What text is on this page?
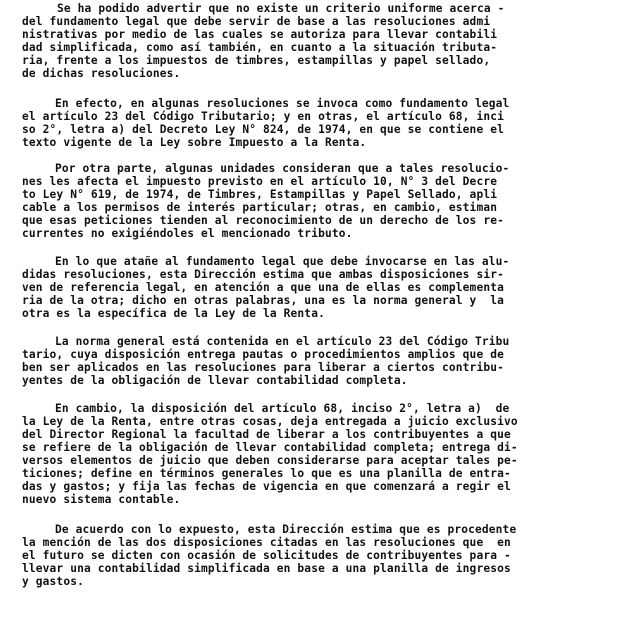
Se ha podido advertir que no existe un criterio uniforme acerca -
del fundamento legal que debe servir de base a las resoluciones admi
nistrativas por medio de las cuales se autoriza para llevar contabili
dad simplificada, como así también, en cuanto a la situación tributa-
ria, frente a los impuestos de timbres, estampillas y papel sellado,
de dichas resoluciones.
En efecto, en algunas resoluciones se invoca como fundamento legal
el artículo 23 del Código Tributario; y en otras, el artículo 68, inci
so 2°, letra a) del Decreto Ley N° 824, de 1974, en que se contiene el
texto vigente de la Ley sobre Impuesto a la Renta.
Por otra parte, algunas unidades consideran que a tales resolucio-
nes les afecta el impuesto previsto en el artículo 10, N° 3 del Decre
to Ley N° 619, de 1974, de Timbres, Estampillas y Papel Sellado, apli
cable a los permisos de interés particular; otras, en cambio, estiman
que esas peticiones tienden al reconocimiento de un derecho de los re-
currentes no exigiéndoles el mencionado tributo.
En lo que atañe al fundamento legal que debe invocarse en las alu-
didas resoluciones, esta Dirección estima que ambas disposiciones sir-
ven de referencia legal, en atención a que una de ellas es complementa
ria de la otra; dicho en otras palabras, una es la norma general y  la
otra es la específica de la Ley de la Renta.
La norma general está contenida en el artículo 23 del Código Tribu
tario, cuya disposición entrega pautas o procedimientos amplios que de
ben ser aplicados en las resoluciones para liberar a ciertos contribu-
yentes de la obligación de llevar contabilidad completa.
En cambio, la disposición del artículo 68, inciso 2°, letra a)  de
la Ley de la Renta, entre otras cosas, deja entregada a juicio exclusivo
del Director Regional la facultad de liberar a los contribuyentes a que
se refiere de la obligación de llevar contabilidad completa; entrega di-
versos elementos de juicio que deben considerarse para aceptar tales pe-
ticiones; define en términos generales lo que es una planilla de entra-
das y gastos; y fija las fechas de vigencia en que comenzará a regir el
nuevo sistema contable.
De acuerdo con lo expuesto, esta Dirección estima que es procedente
la mención de las dos disposiciones citadas en las resoluciones que  en
el futuro se dicten con ocasión de solicitudes de contribuyentes para -
llevar una contabilidad simplificada en base a una planilla de ingresos
y gastos.
